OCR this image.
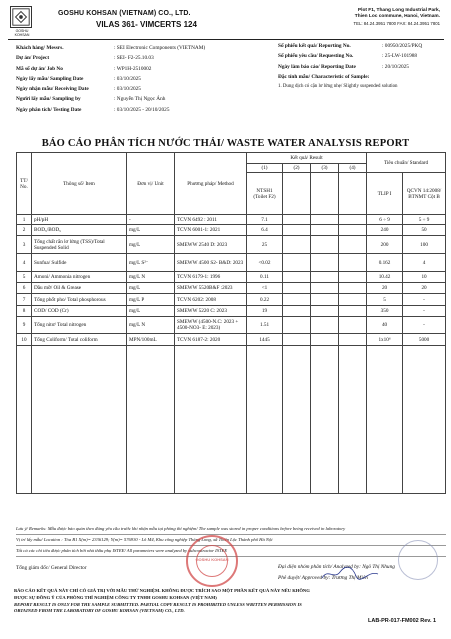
GOSHU KOHSAN
GOSHU KOHSAN (VIETNAM) CO., LTD.
VILAS 361- VIMCERTS 124
Plot F1, Thang Long Industrial Park,
Thien Loc commune, Hanoi, Vietnam.
TEL: 84.24.3951 7800 FAX: 84.24.3951 7801
Khách hàng/ Messrs.	: SEI Electronic Components (VIETNAM)
Dự án/ Project	: SEI- F2-25.10.03
Mã số dự án/ Job No	: WP1H-2510002
Ngày lấy mẫu/ Sampling Date	: 03/10/2025
Ngày nhận mẫu/ Receiving Date	: 03/10/2025
Người lấy mẫu/ Sampling by	: Nguyễn Thị Ngọc Ánh
Ngày phân tích/ Testing Date	: 03/10/2025 - 20/10/2025
Số phiếu kết quả/ Reporting No.	: 00950/2025/PKQ
Số phiếu yêu cầu/ Requesting No.	: 25-LW-101988
Ngày làm báo cáo/ Reporting Date	: 20/10/2025
Đặc tính mẫu/ Characteristic of Sample:
1. Dung dịch có cặn lơ lửng nhẹ/ Slightly suspended solution
BÁO CÁO PHÂN TÍCH NƯỚC THẢI/ WASTE WATER ANALYSIS REPORT
TT/ No.	Thông số/ Item	Đơn vị/ Unit	Phương pháp/ Method	Kết quả/ Result				Tiêu chuẩn/ Standard	
				(1)	(2)	(3)	(4)		
				NTSH1 (Toilet F2)				TLIP I	QCVN 14:2008/ BTNMT Cột B
1	pH/pH	-	TCVN 6492 : 2011	7.1				6 ÷ 9	5 ÷ 9
2	BOD₅/BOD₅	mg/L	TCVN 6001-1: 2021	6.4				240	50
3	Tổng chất rắn lơ lửng (TSS)/Total Suspended Solid	mg/L	SMEWW 2540 D: 2023	25				200	100
4	Sunfua/ Sulfide	mg/L S²⁻	SMEWW 4500 S2- B&D: 2023	<0.02				0.162	4
5	Amoni/ Ammonia nitrogen	mg/L N	TCVN 6179-1: 1996	0.11				10.42	10
6	Dầu mỡ/ Oil & Grease	mg/L	SMEWW 5520B&F :2023	<1				20	20
7	Tổng phốt pho/ Total phosphorous	mg/L P	TCVN 6202: 2008	0.22				5	-
8	COD/ COD (Cr)	mg/L	SMEWW 5220 C: 2023	19				350	-
9	Tổng nitơ/ Total nitrogen	mg/L N	SMEWW (4500-N.C: 2023 + 4500-NO3- E: 2023)	1.51				40	-
10	Tổng Coliform/ Total coliform	MPN/100mL	TCVN 6187-2: 2020	1445				1x10⁶	5000

Lưu ý/ Remarks: Mẫu được bảo quản theo đúng yêu cầu trước khi nhận mẫu tại phòng thí nghiệm/ The sample was stored in proper conditions before being received in laboratory
Vị trí lấy mẫu/ Location : Tòa B1 X(m)= 2336129; Y(m)= 576930 - Lô M4, Khu công nghiệp Thăng Long, xã Thiên Lộc Thành phố Hà Nội
Tất cả các chỉ tiêu được phân tích bởi nhà thầu phụ ISTEE/ All parameters were analyzed by subcontractor ISTEE
Tổng giám đốc/ General Director	Đại diện nhóm phân tích/ Analyzed by: Ngô Thị Nhung
Phê duyệt/ Approved by: Trương Thị Miên
GOSHU KOHSAN
BÁO CÁO KẾT QUẢ NÀY CHỈ CÓ GIÁ TRỊ VỚI MẪU THỬ NGHIỆM. KHÔNG ĐƯỢC TRÍCH SAO MỘT PHẦN KẾT QUẢ NÀY NẾU KHÔNG ĐƯỢC SỰ ĐỒNG Ý CỦA PHÒNG THÍ NGHIỆM CÔNG TY TNHH GOSHU KOHSAN (VIỆT NAM)
REPORT RESULT IS ONLY FOR THE SAMPLE SUBMITTED. PARTIAL COPY RESULT IS PROHIBITED UNLESS WRITTEN PERMISSION IS OBTAINED FROM THE LABORATORY OF GOSHU KOHSAN (VIETNAM) CO., LTD.
LAB-PR-017-FM002 Rev. 1
